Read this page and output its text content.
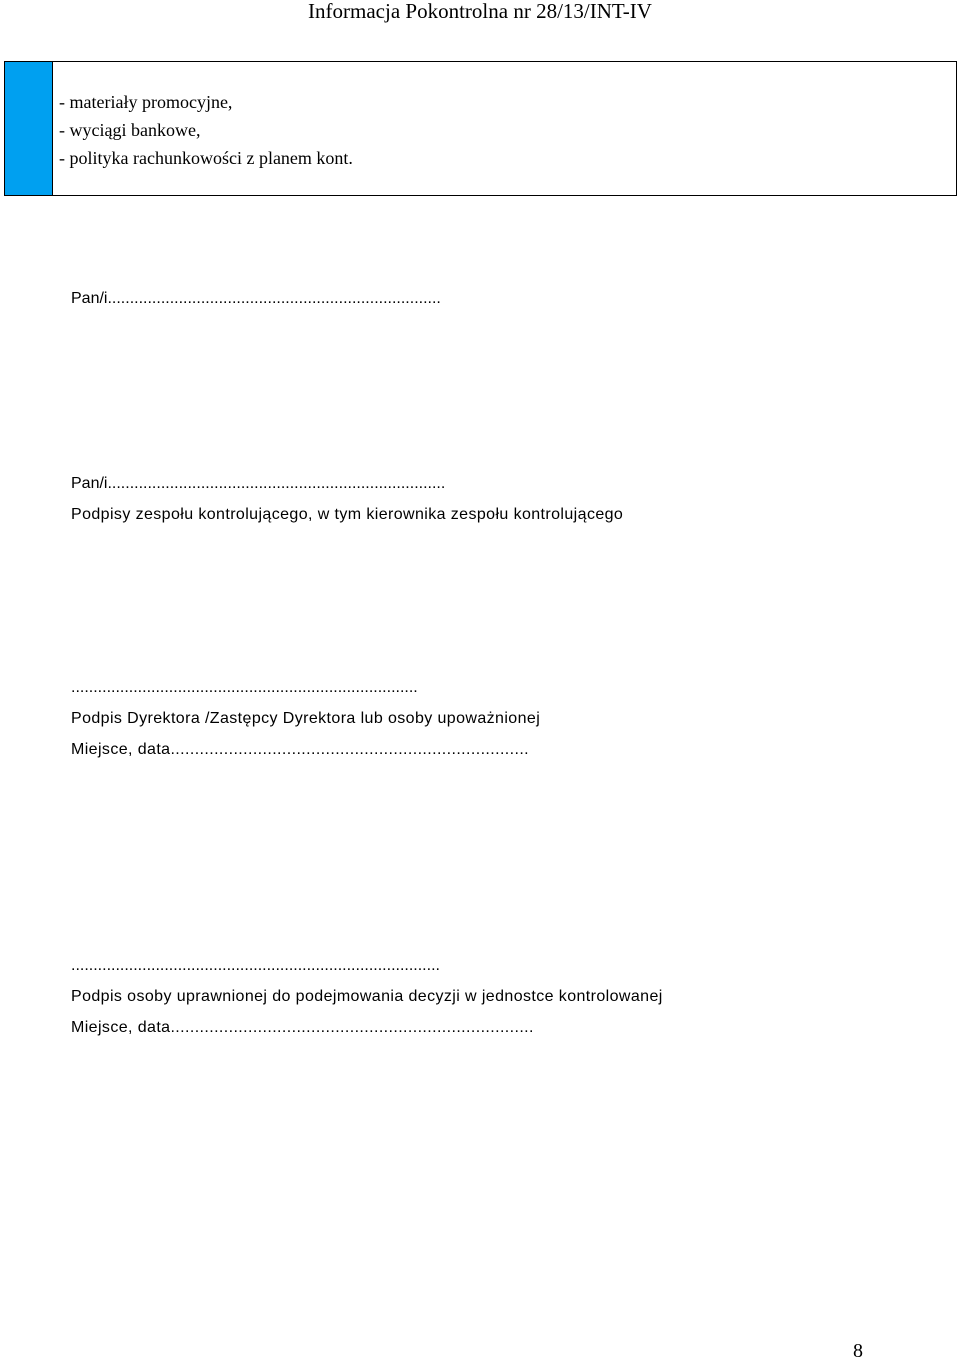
Informacja Pokontrolna nr 28/13/INT-IV
- materiały promocyjne,
- wyciągi bankowe,
- polityka rachunkowości z planem kont.
Pan/i...........................................................................
Pan/i............................................................................
Podpisy zespołu kontrolującego, w tym kierownika zespołu kontrolującego
..............................................................................
Podpis Dyrektora /Zastępcy Dyrektora lub osoby upoważnionej
Miejsce, data..........................................................................
...................................................................................
Podpis osoby uprawnionej do podejmowania decyzji w jednostce kontrolowanej
Miejsce, data...........................................................................
8
